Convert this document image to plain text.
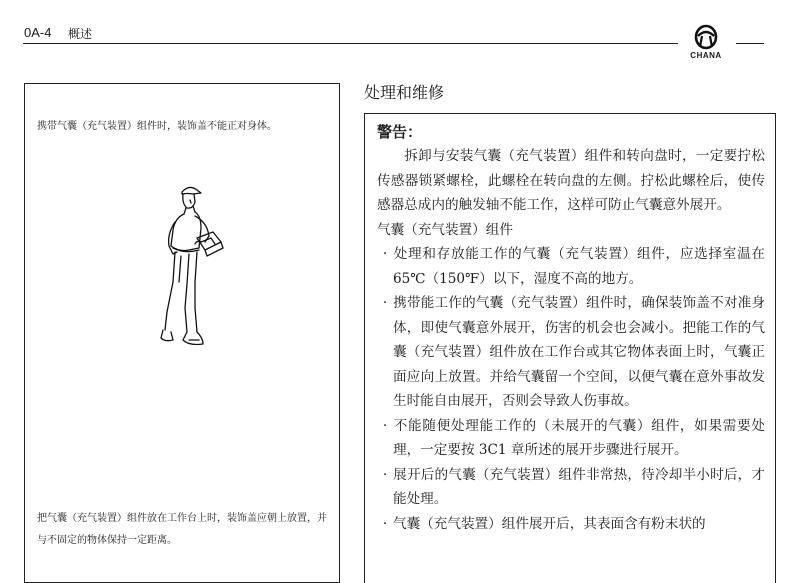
0A-4 概述
CHANA
携带气囊（充气装置）组件时，装饰盖不能正对身体。
把气囊（充气装置）组件放在工作台上时，装饰盖应朝上放置，并与不固定的物体保持一定距离。
处理和维修
警告：

拆卸与安装气囊（充气装置）组件和转向盘时，一定要拧松传感器锁紧螺栓，此螺栓在转向盘的左侧。拧松此螺栓后，使传感器总成内的触发轴不能工作，这样可防止气囊意外展开。

气囊（充气装置）组件

· 处理和存放能工作的气囊（充气装置）组件，应选择室温在 65℃（150℉）以下，湿度不高的地方。

· 携带能工作的气囊（充气装置）组件时，确保装饰盖不对准身体，即使气囊意外展开，伤害的机会也会减小。把能工作的气囊（充气装置）组件放在工作台或其它物体表面上时，气囊正面应向上放置。并给气囊留一个空间，以便气囊在意外事故发生时能自由展开，否则会导致人伤事故。

· 不能随便处理能工作的（未展开的气囊）组件，如果需要处理，一定要按 3C1 章所述的展开步骤进行展开。

· 展开后的气囊（充气装置）组件非常热，待冷却半小时后，才能处理。

· 气囊（充气装置）组件展开后，其表面含有粉末状的
